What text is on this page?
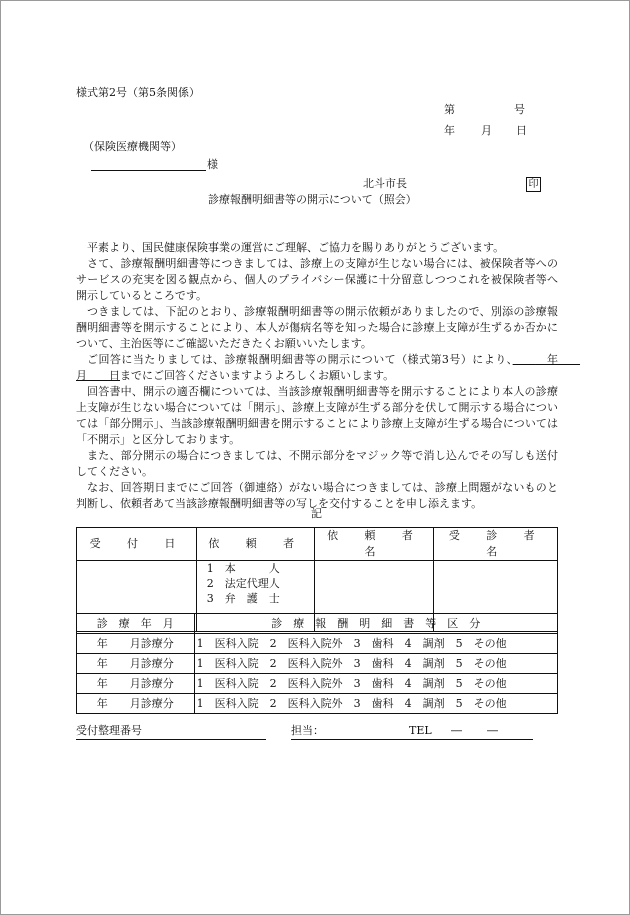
様式第2号（第5条関係）
第	号
年 月 日
（保険医療機関等）
様
北斗市長	印
診療報酬明細書等の開示について（照会）

平素より、国民健康保険事業の運営にご理解、ご協力を賜りありがとうございます。

さて、診療報酬明細書等につきましては、診療上の支障が生じない場合には、被保険者等へのサービスの充実を図る観点から、個人のプライバシー保護に十分留意しつつこれを被保険者等へ開示しているところです。

つきましては、下記のとおり、診療報酬明細書等の開示依頼がありましたので、別添の診療報酬明細書等を開示することにより、本人が傷病名等を知った場合に診療上支障が生ずるか否かについて、主治医等にご確認いただきたくお願いいたします。

ご回答に当たりましては、診療報酬明細書等の開示について（様式第3号）により、　　　年　　月　　日までにご回答くださいますようよろしくお願いします。

回答書中、開示の適否欄については、当該診療報酬明細書等を開示することにより本人の診療上支障が生じない場合については「開示」、診療上支障が生ずる部分を伏して開示する場合については「部分開示」、当該診療報酬明細書を開示することにより診療上支障が生ずる場合については「不開示」と区分しております。

また、部分開示の場合につきましては、不開示部分をマジック等で消し込んでその写しも送付してください。

なお、回答期日までにご回答（御連絡）がない場合につきましては、診療上問題がないものと判断し、依頼者あて当該診療報酬明細書等の写しを交付することを申し添えます。

記
受　付　日	依　頼　者	依　頼　者　名	受　診　者　名

	1　本　　　人
2　法定代理人
3　弁　護　士		

診　療　年　月	診　療　報　酬　明　細　書　等　区　分
年　　月診療分	1　医科入院　2　医科入院外　3　歯科　4　調剤　5　その他
年　　月診療分	1　医科入院　2　医科入院外　3　歯科　4　調剤　5　その他
年　　月診療分	1　医科入院　2　医科入院外　3　歯科　4　調剤　5　その他
年　　月診療分	1　医科入院　2　医科入院外　3　歯科　4　調剤　5　その他
受付整理番号	担当：	TEL ― ―
